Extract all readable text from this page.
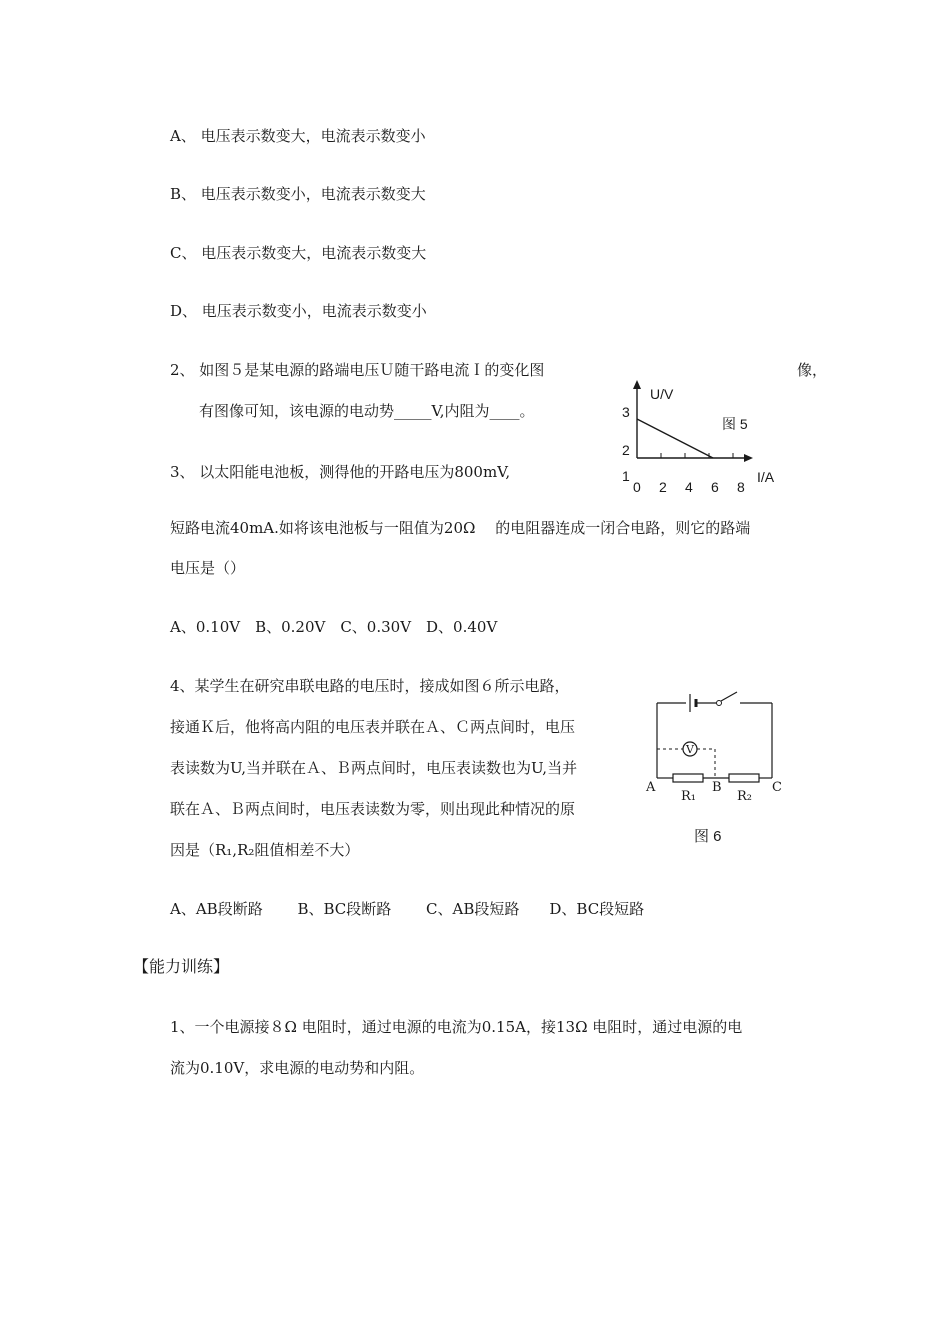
A、 电压表示数变大，电流表示数变小
B、 电压表示数变小，电流表示数变大
C、 电压表示数变大，电流表示数变大
D、 电压表示数变小，电流表示数变小
2、 如图５是某电源的路端电压Ｕ随干路电流Ｉ的变化图	像，
有图像可知，该电源的电动势_____V,内阻为____。
U/V
3
2
1
0 2 4 6 8
I/A
图 5
3、 以太阳能电池板，测得他的开路电压为800mV,
短路电流40mA.如将该电池板与一阻值为20Ω　 的电阻器连成一闭合电路，则它的路端
电压是（）
A、0.10V　B、0.20V　C、0.30V　D、0.40V
4、某学生在研究串联电路的电压时，接成如图６所示电路，
接通Ｋ后，他将高内阻的电压表并联在Ａ、Ｃ两点间时，电压
表读数为U,当并联在Ａ、Ｂ两点间时，电压表读数也为U,当并
联在Ａ、Ｂ两点间时，电压表读数为零，则出现此种情况的原
因是（R₁,R₂阻值相差不大）
A、AB段断路　　 B、BC段断路　　 C、AB段短路　　D、BC段短路
V
A	B	C
R₁	R₂
图 6
【能力训练】
1、一个电源接８Ω 电阻时，通过电源的电流为0.15A，接13Ω 电阻时，通过电源的电
流为0.10V，求电源的电动势和内阻。
